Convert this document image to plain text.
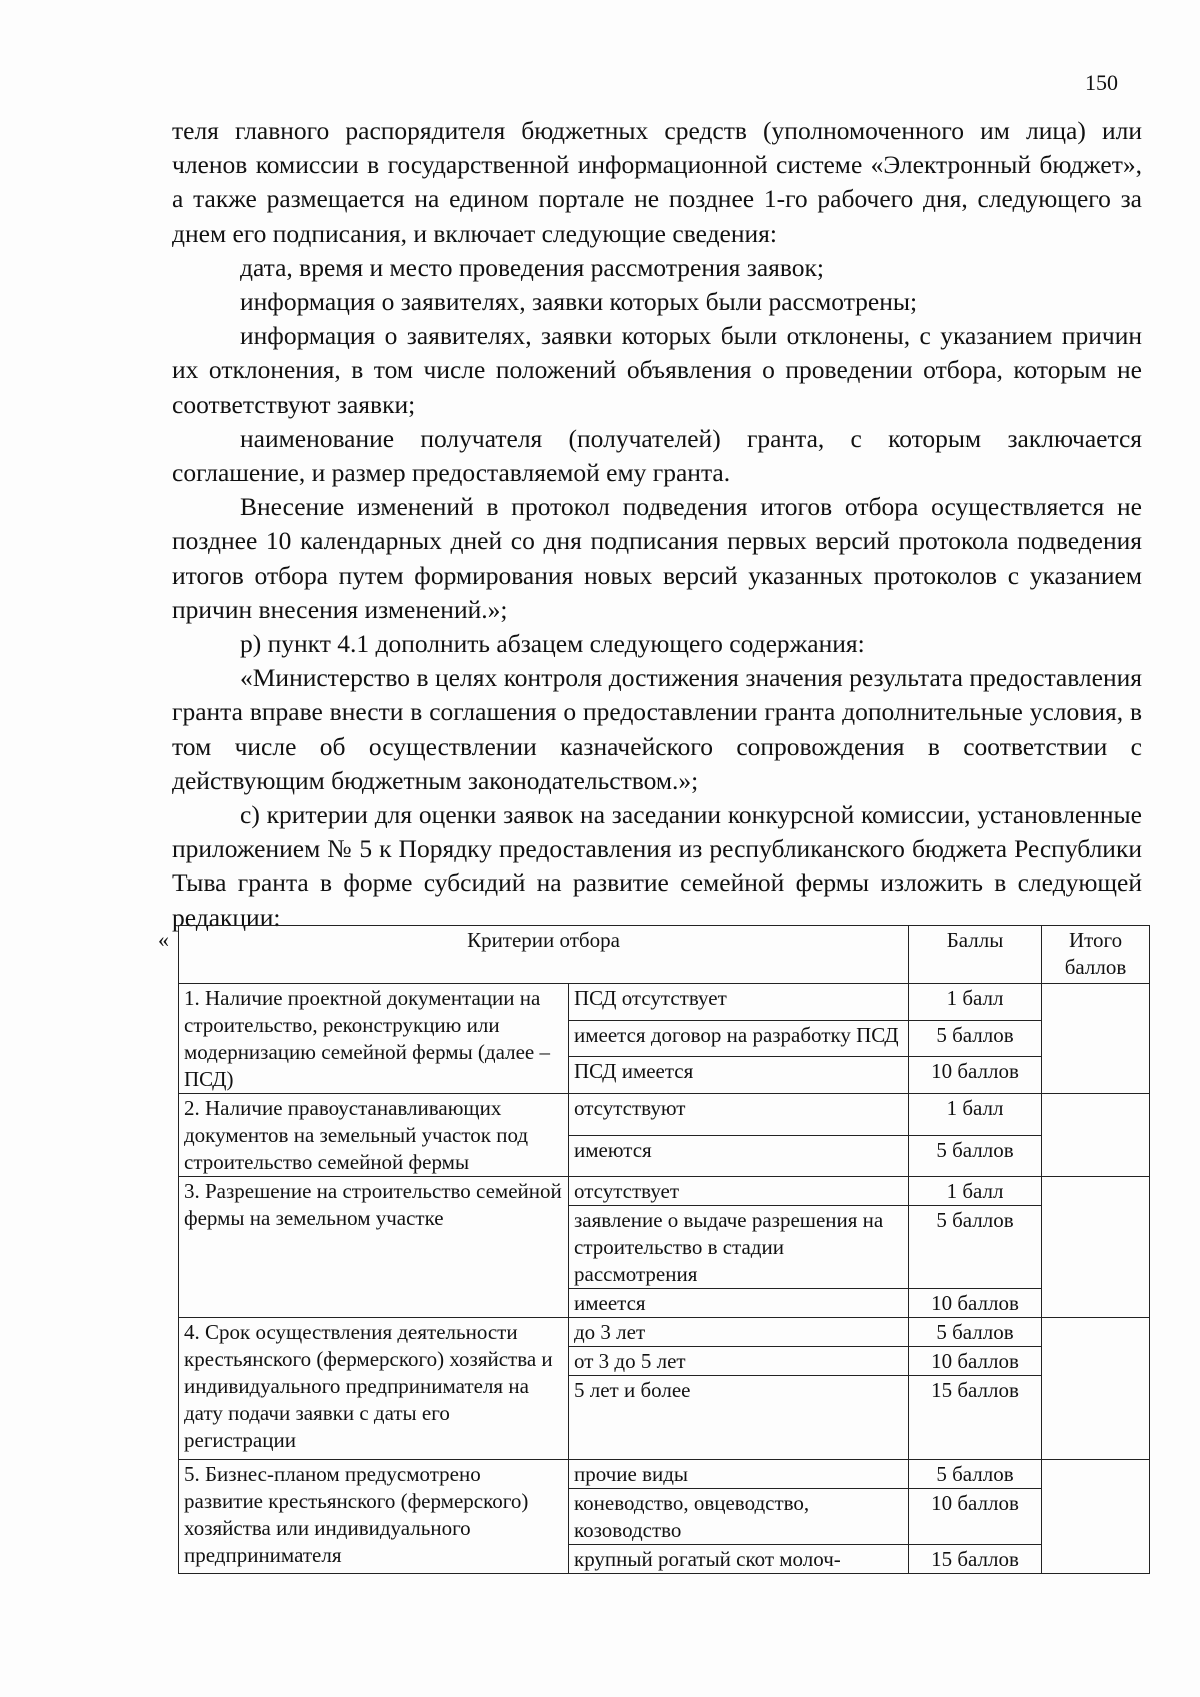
150

теля главного распорядителя бюджетных средств (уполномоченного им лица) или членов комиссии в государственной информационной системе «Электронный бюджет», а также размещается на едином портале не позднее 1-го рабочего дня, следующего за днем его подписания, и включает следующие сведения:

дата, время и место проведения рассмотрения заявок;

информация о заявителях, заявки которых были рассмотрены;

информация о заявителях, заявки которых были отклонены, с указанием причин их отклонения, в том числе положений объявления о проведении отбора, которым не соответствуют заявки;

наименование получателя (получателей) гранта, с которым заключается соглашение, и размер предоставляемой ему гранта.

Внесение изменений в протокол подведения итогов отбора осуществляется не позднее 10 календарных дней со дня подписания первых версий протокола подведения итогов отбора путем формирования новых версий указанных протоколов с указанием причин внесения изменений.»;

р) пункт 4.1 дополнить абзацем следующего содержания:

«Министерство в целях контроля достижения значения результата предоставления гранта вправе внести в соглашения о предоставлении гранта дополнительные условия, в том числе об осуществлении казначейского сопровождения в соответствии с действующим бюджетным законодательством.»;

с) критерии для оценки заявок на заседании конкурсной комиссии, установленные приложением № 5 к Порядку предоставления из республиканского бюджета Республики Тыва гранта в форме субсидий на развитие семейной фермы изложить в следующей редакции:

«	Критерии отбора		Баллы	Итого баллов
1. Наличие проектной документации на строительство, реконструкцию или модернизацию семейной фермы (далее – ПСД)	ПСД отсутствует	1 балл	
	имеется договор на разработку ПСД	5 баллов	
	ПСД имеется	10 баллов	
2. Наличие правоустанавливающих документов на земельный участок под строительство семейной фермы	отсутствуют	1 балл	
	имеются	5 баллов	
3. Разрешение на строительство семейной фермы на земельном участке	отсутствует	1 балл	
	заявление о выдаче разрешения на строительство в стадии рассмотрения	5 баллов	
	имеется	10 баллов	
4. Срок осуществления деятельности крестьянского (фермерского) хозяйства и индивидуального предпринимателя на дату подачи заявки с даты его регистрации	до 3 лет	5 баллов	
	от 3 до 5 лет	10 баллов	
	5 лет и более	15 баллов	
5. Бизнес-планом предусмотрено развитие крестьянского (фермерского) хозяйства или индивидуального предпринимателя	прочие виды	5 баллов	
	коневодство, овцеводство, козоводство	10 баллов	
	крупный рогатый скот молоч-	15 баллов	
